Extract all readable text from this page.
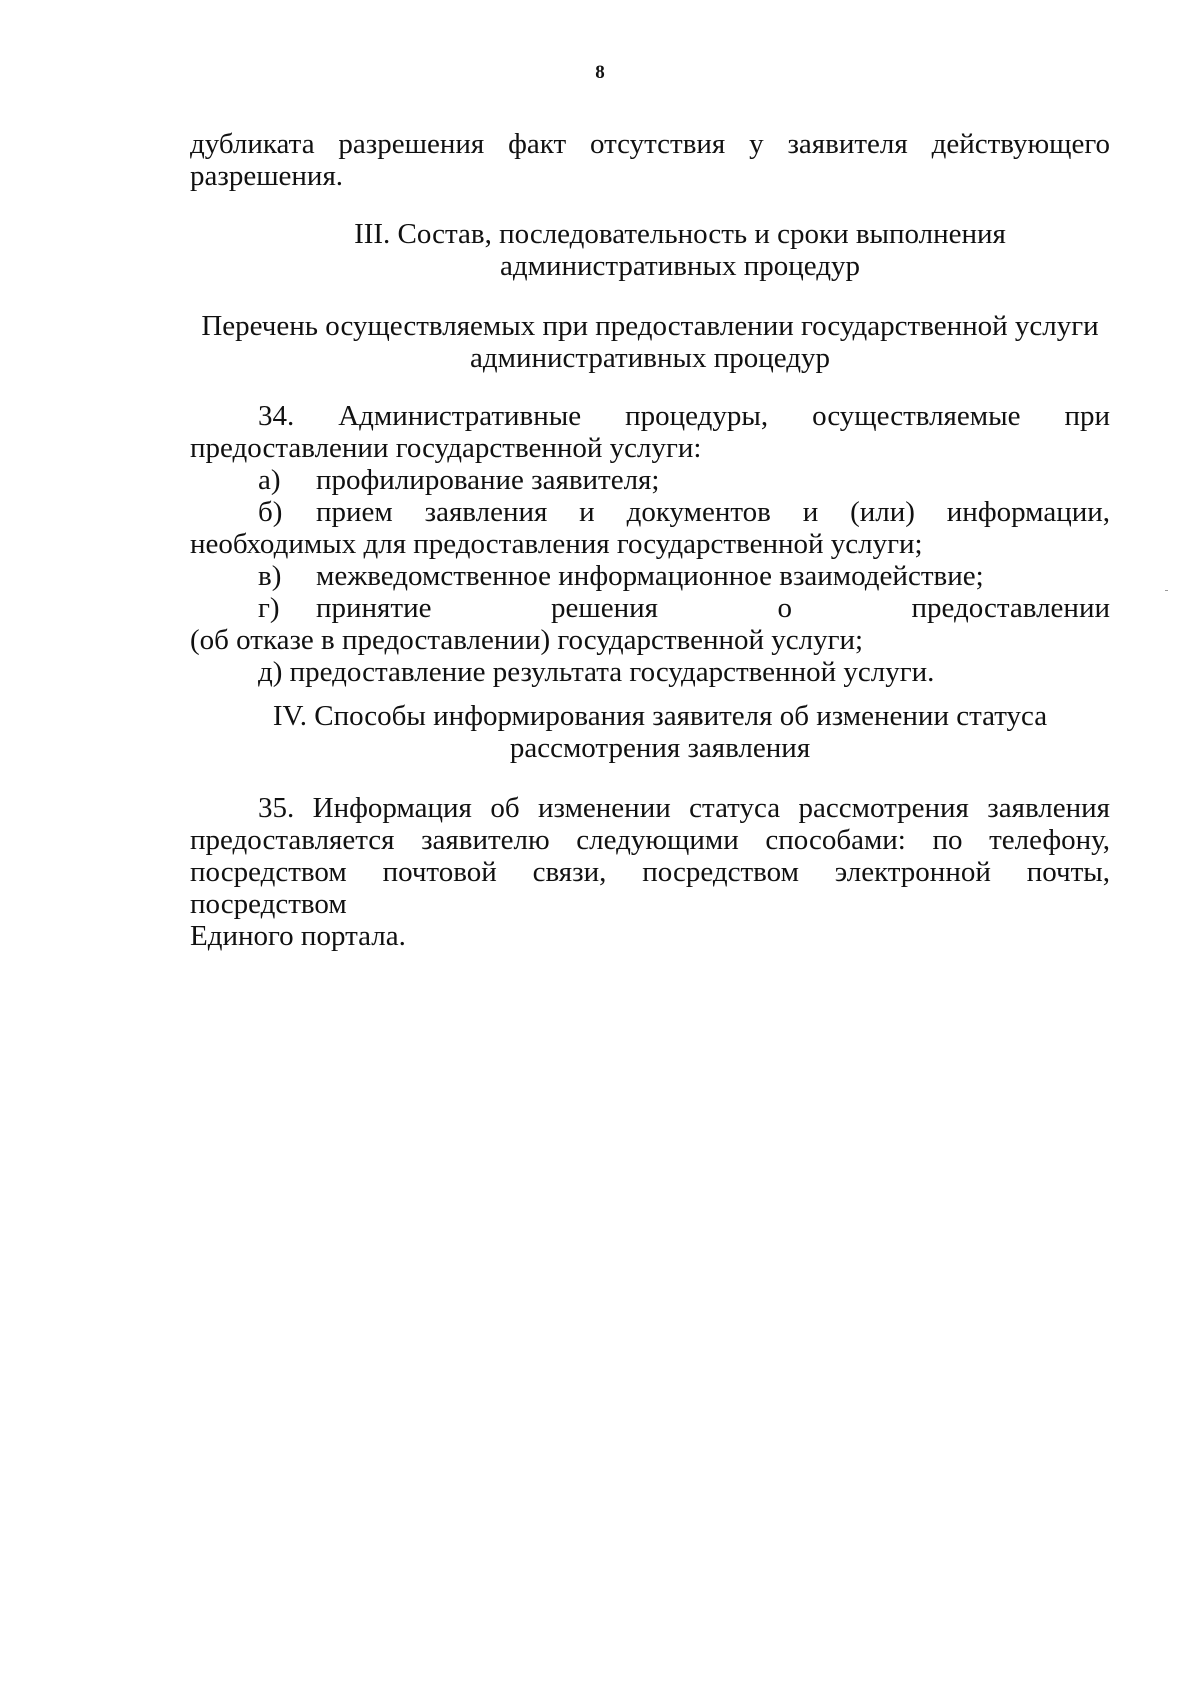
8
дубликата разрешения факт отсутствия у заявителя действующего
разрешения.
III. Состав, последовательность и сроки выполнения
административных процедур
Перечень осуществляемых при предоставлении государственной услуги
административных процедур
34. Административные процедуры, осуществляемые при
предоставлении государственной услуги:
а) профилирование заявителя;
б) прием заявления и документов и (или) информации,
необходимых для предоставления государственной услуги;
в) межведомственное информационное взаимодействие;
г) принятие решения о предоставлении
(об отказе в предоставлении) государственной услуги;
д) предоставление результата государственной услуги.
IV. Способы информирования заявителя об изменении статуса
рассмотрения заявления
35. Информация об изменении статуса рассмотрения заявления
предоставляется заявителю следующими способами: по телефону,
посредством почтовой связи, посредством электронной почты, посредством
Единого портала.
